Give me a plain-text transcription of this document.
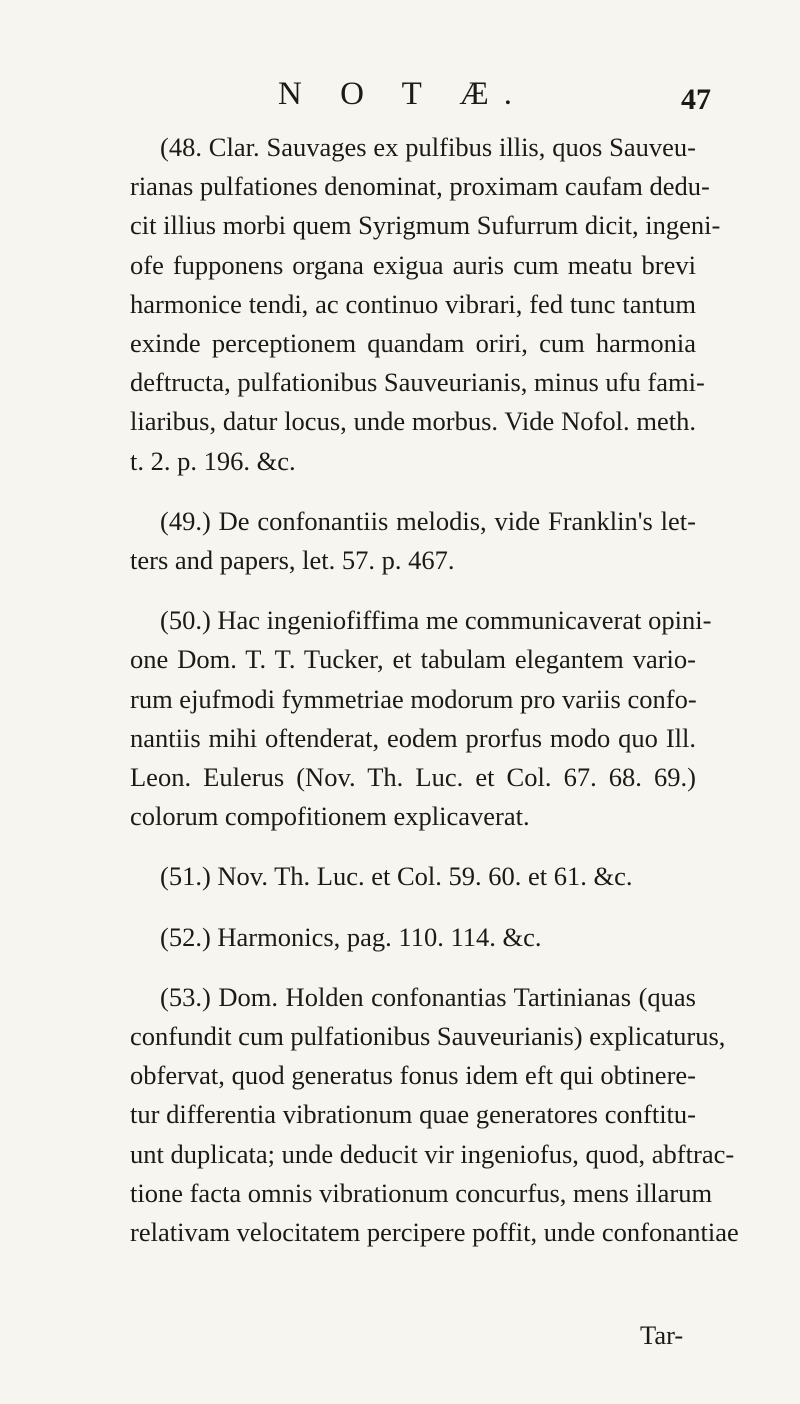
N O T Æ.	47

(48. Clar. Sauvages ex pulfibus illis, quos Sauveu-
rianas pulfationes denominat, proximam caufam dedu-
cit illius morbi quem Syrigmum Sufurrum dicit, ingeni-
ofe fupponens organa exigua auris cum meatu brevi
harmonice tendi, ac continuo vibrari, fed tunc tantum
exinde perceptionem quandam oriri, cum harmonia
deftructa, pulfationibus Sauveurianis, minus ufu fami-
liaribus, datur locus, unde morbus. Vide Nofol. meth.
t. 2. p. 196. &c.

(49.) De confonantiis melodis, vide Franklin's let-
ters and papers, let. 57. p. 467.

(50.) Hac ingeniofiffima me communicaverat opini-
one Dom. T. T. Tucker, et tabulam elegantem vario-
rum ejufmodi fymmetriae modorum pro variis confo-
nantiis mihi oftenderat, eodem prorfus modo quo Ill.
Leon. Eulerus (Nov. Th. Luc. et Col. 67. 68. 69.)
colorum compofitionem explicaverat.

(51.) Nov. Th. Luc. et Col. 59. 60. et 61. &c.

(52.) Harmonics, pag. 110. 114. &c.

(53.) Dom. Holden confonantias Tartinianas (quas
confundit cum pulfationibus Sauveurianis) explicaturus,
obfervat, quod generatus fonus idem eft qui obtinere-
tur differentia vibrationum quae generatores conftitu-
unt duplicata; unde deducit vir ingeniofus, quod, abftrac-
tione facta omnis vibrationum concurfus, mens illarum
relativam velocitatem percipere poffit, unde confonantiae

Tar-
